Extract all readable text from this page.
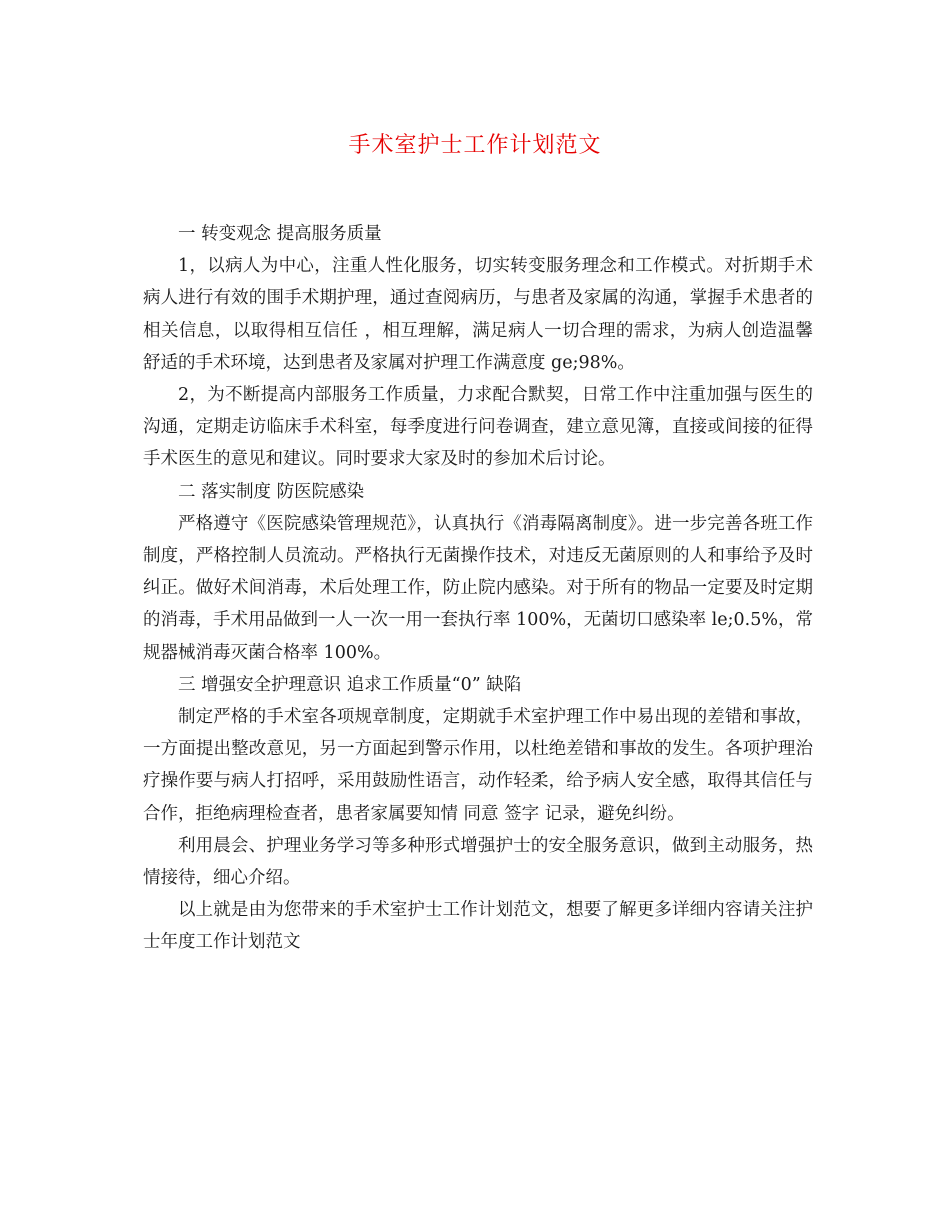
手术室护士工作计划范文

一 转变观念 提高服务质量

1，以病人为中心，注重人性化服务，切实转变服务理念和工作模式。对折期手术病人进行有效的围手术期护理，通过查阅病历，与患者及家属的沟通，掌握手术患者的相关信息，以取得相互信任 ，相互理解，满足病人一切合理的需求，为病人创造温馨舒适的手术环境，达到患者及家属对护理工作满意度 ge;98%。

2，为不断提高内部服务工作质量，力求配合默契，日常工作中注重加强与医生的沟通，定期走访临床手术科室，每季度进行问卷调查，建立意见簿，直接或间接的征得手术医生的意见和建议。同时要求大家及时的参加术后讨论。

二 落实制度 防医院感染

严格遵守《医院感染管理规范》，认真执行《消毒隔离制度》。进一步完善各班工作制度，严格控制人员流动。严格执行无菌操作技术，对违反无菌原则的人和事给予及时纠正。做好术间消毒，术后处理工作，防止院内感染。对于所有的物品一定要及时定期的消毒，手术用品做到一人一次一用一套执行率 100%，无菌切口感染率 le;0.5%，常规器械消毒灭菌合格率 100%。

三 增强安全护理意识 追求工作质量“0” 缺陷

制定严格的手术室各项规章制度，定期就手术室护理工作中易出现的差错和事故，一方面提出整改意见，另一方面起到警示作用，以杜绝差错和事故的发生。各项护理治疗操作要与病人打招呼，采用鼓励性语言，动作轻柔，给予病人安全感，取得其信任与合作，拒绝病理检查者，患者家属要知情 同意 签字 记录，避免纠纷。

利用晨会、护理业务学习等多种形式增强护士的安全服务意识，做到主动服务，热情接待，细心介绍。

以上就是由为您带来的手术室护士工作计划范文，想要了解更多详细内容请关注护士年度工作计划范文
